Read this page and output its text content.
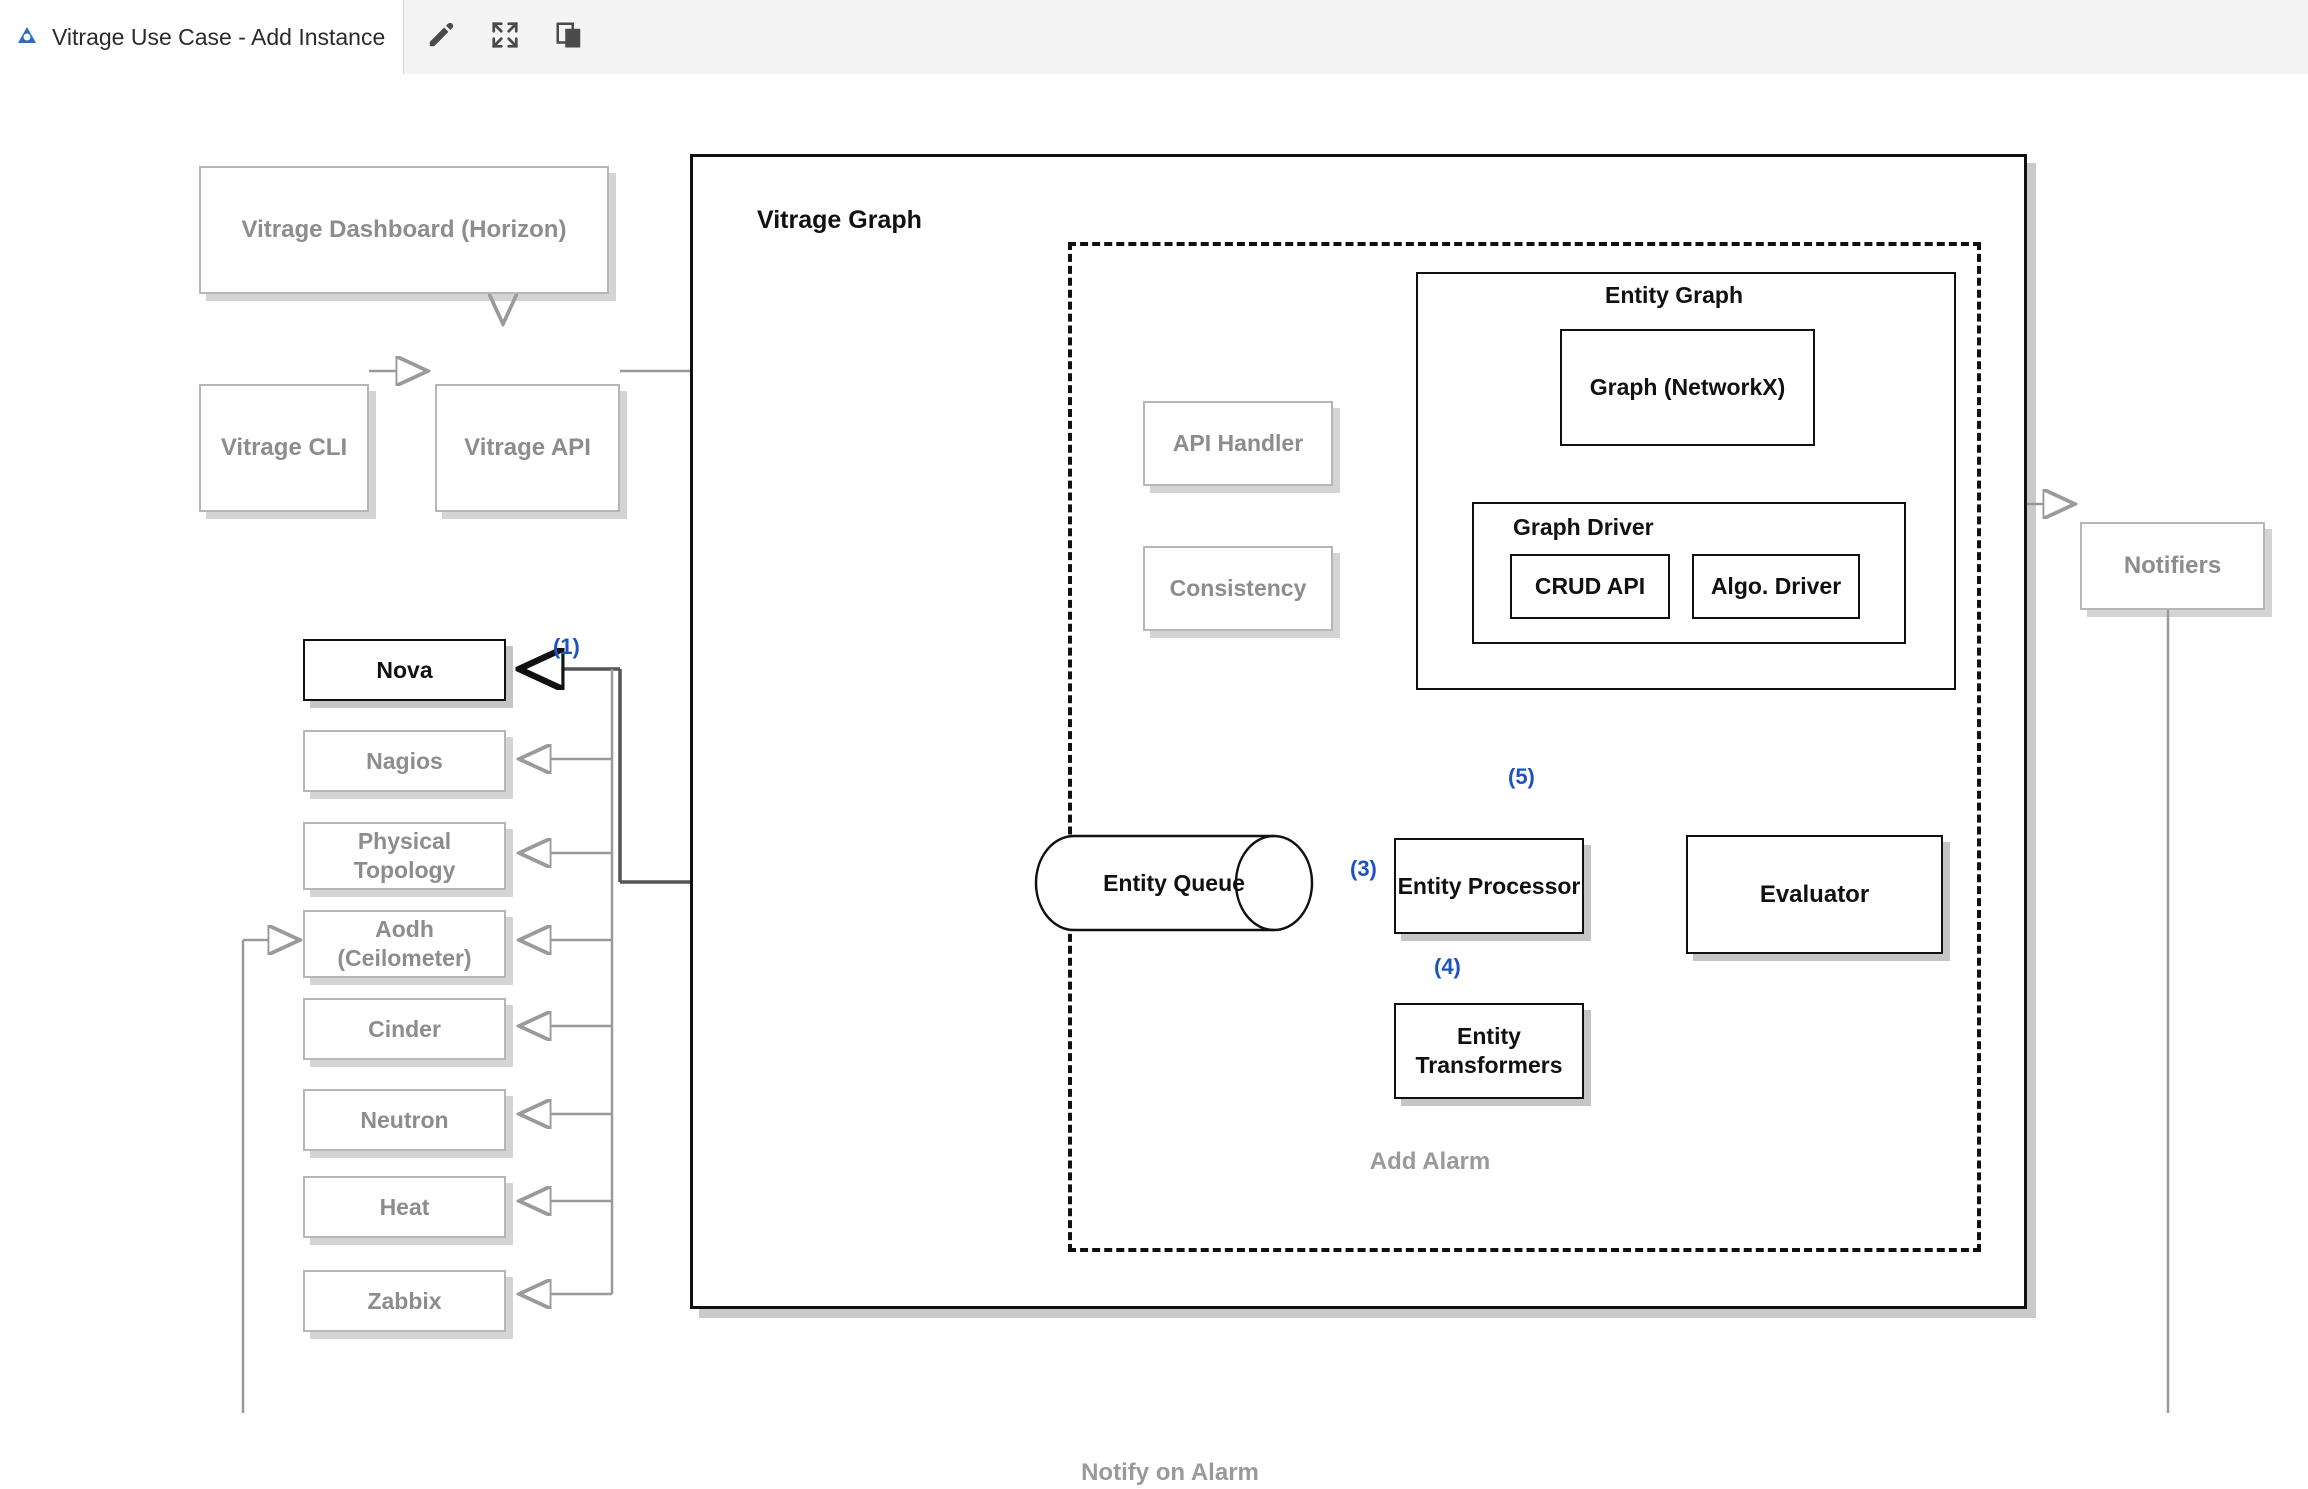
Vitrage Use Case - Add Instance
Vitrage Dashboard (Horizon)
Vitrage CLI	Vitrage API
Nova
Nagios
Physical Topology
Aodh (Ceilometer)
Cinder
Neutron
Heat
Zabbix
(1)
Vitrage Graph
API Handler
Consistency
Entity Graph
Graph (NetworkX)
Graph Driver
CRUD API	Algo. Driver
Entity Queue
(3)
Entity Processor
(4)
Entity Transformers
(5)
Evaluator
Notifiers
Add Alarm
Notify on Alarm
